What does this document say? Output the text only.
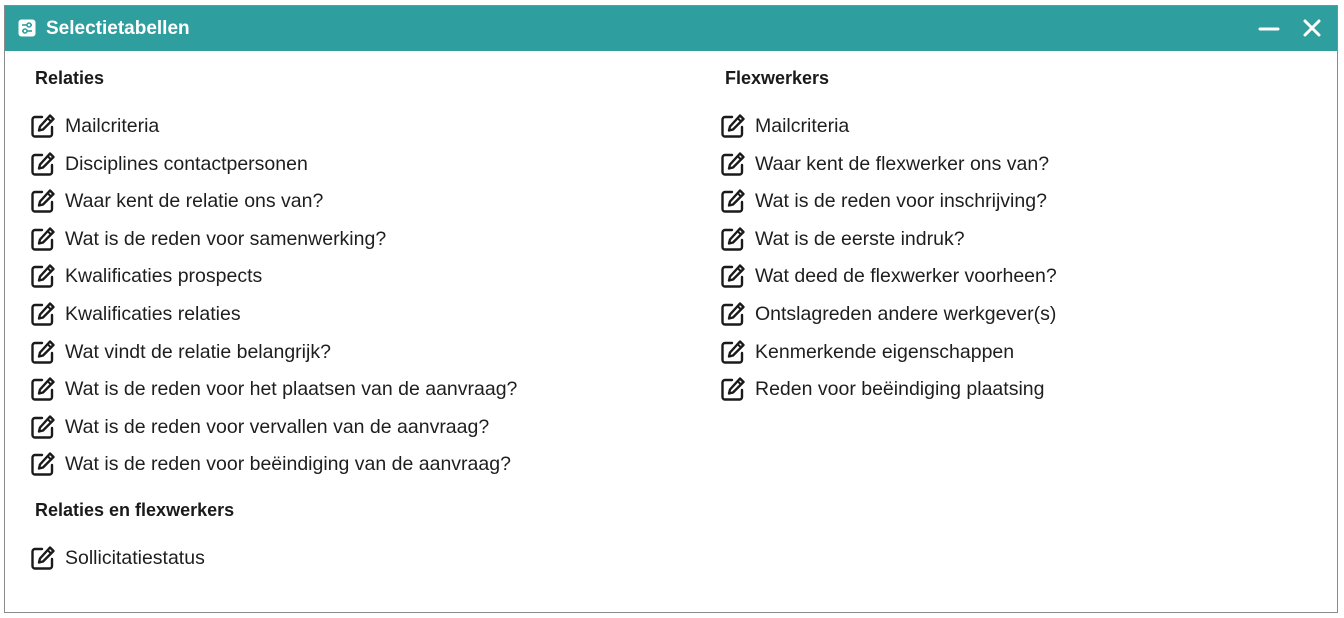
Selectietabellen
Relaties
Mailcriteria
Disciplines contactpersonen
Waar kent de relatie ons van?
Wat is de reden voor samenwerking?
Kwalificaties prospects
Kwalificaties relaties
Wat vindt de relatie belangrijk?
Wat is de reden voor het plaatsen van de aanvraag?
Wat is de reden voor vervallen van de aanvraag?
Wat is de reden voor beëindiging van de aanvraag?
Relaties en flexwerkers
Sollicitatiestatus
Flexwerkers
Mailcriteria
Waar kent de flexwerker ons van?
Wat is de reden voor inschrijving?
Wat is de eerste indruk?
Wat deed de flexwerker voorheen?
Ontslagreden andere werkgever(s)
Kenmerkende eigenschappen
Reden voor beëindiging plaatsing
